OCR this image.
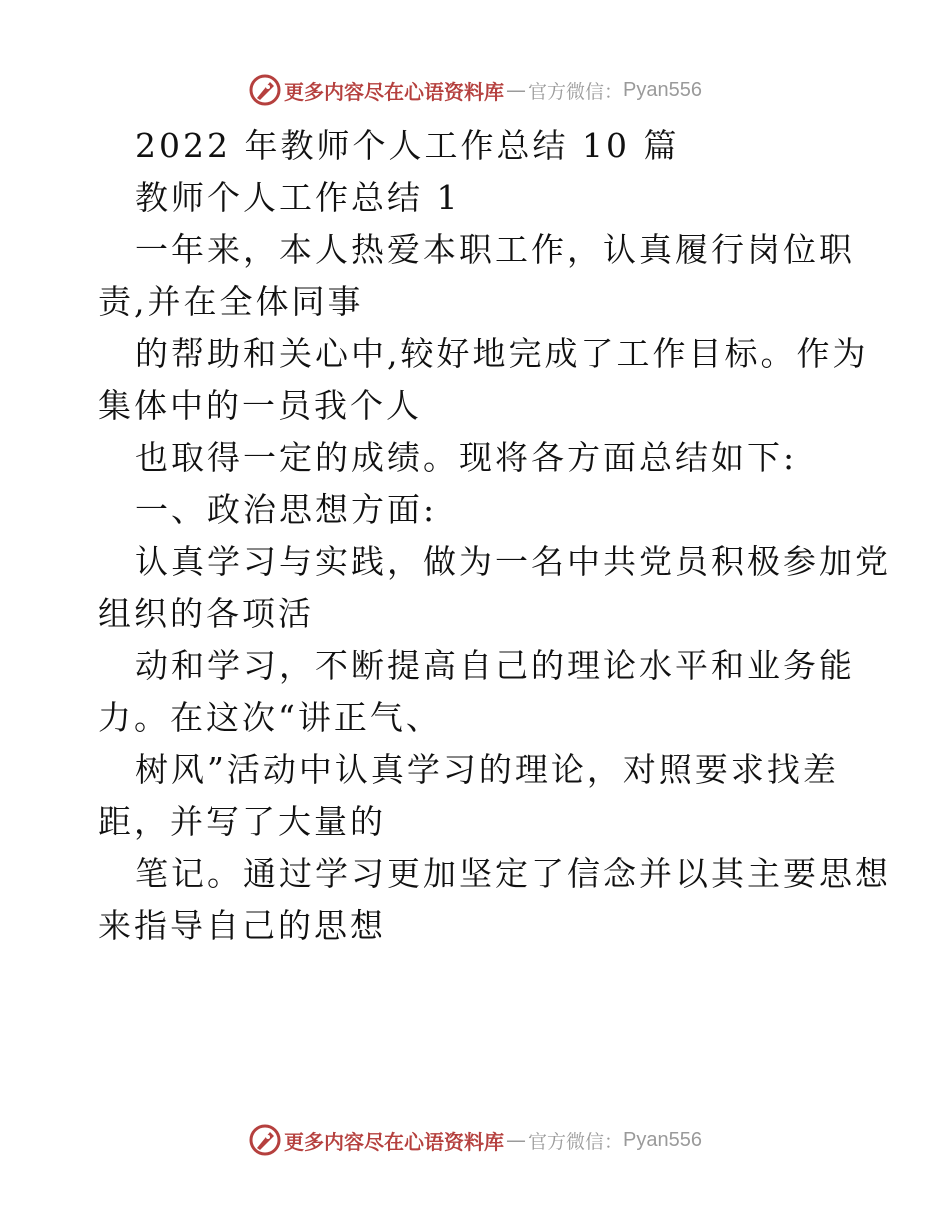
更多内容尽在心语资料库 — 官方微信： Pyan556
2022 年教师个人工作总结 10 篇
教师个人工作总结 1
一年来，本人热爱本职工作，认真履行岗位职
责,并在全体同事
的帮助和关心中,较好地完成了工作目标。作为
集体中的一员我个人
也取得一定的成绩。现将各方面总结如下:
一、政治思想方面:
认真学习与实践，做为一名中共党员积极参加党
组织的各项活
动和学习，不断提高自己的理论水平和业务能
力。在这次“讲正气、
树风”活动中认真学习的理论，对照要求找差
距，并写了大量的
笔记。通过学习更加坚定了信念并以其主要思想
来指导自己的思想
更多内容尽在心语资料库 — 官方微信： Pyan556
